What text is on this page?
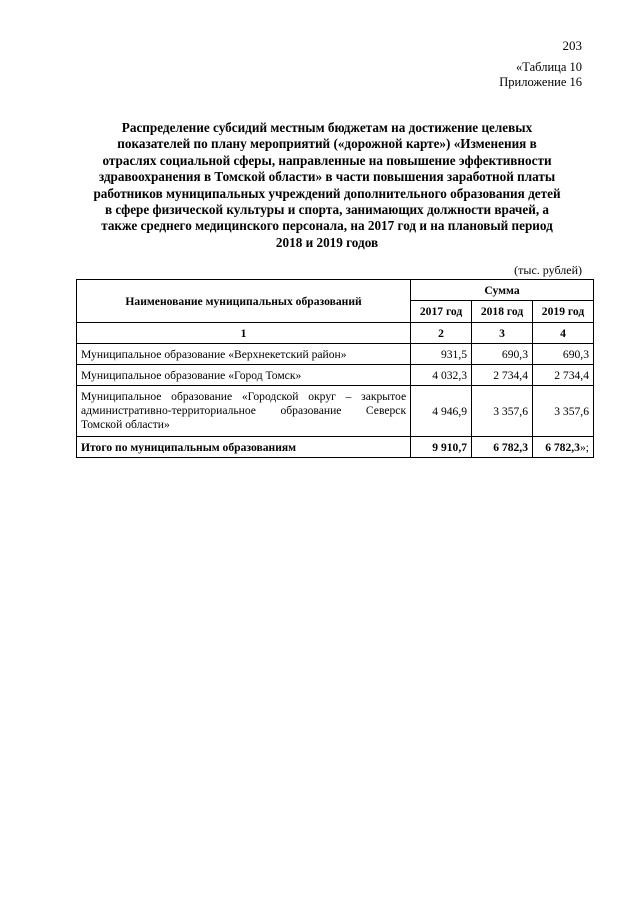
203
«Таблица 10
Приложение 16
Распределение субсидий местным бюджетам на достижение целевых
показателей по плану мероприятий («дорожной карте») «Изменения в
отраслях социальной сферы, направленные на повышение эффективности
здравоохранения в Томской области» в части повышения заработной платы
работников муниципальных учреждений дополнительного образования детей
в сфере физической культуры и спорта, занимающих должности врачей, а
также среднего медицинского персонала, на 2017 год и на плановый период
2018 и 2019 годов
(тыс. рублей)
Наименование муниципальных образований	Сумма		
	2017 год	2018 год	2019 год
1	2	3	4
Муниципальное образование «Верхнекетский район»	931,5	690,3	690,3
Муниципальное образование «Город Томск»	4 032,3	2 734,4	2 734,4
Муниципальное образование «Городской округ – закрытое административно-территориальное образование Северск Томской области»	4 946,9	3 357,6	3 357,6
Итого по муниципальным образованиям	9 910,7	6 782,3	6 782,3»;
